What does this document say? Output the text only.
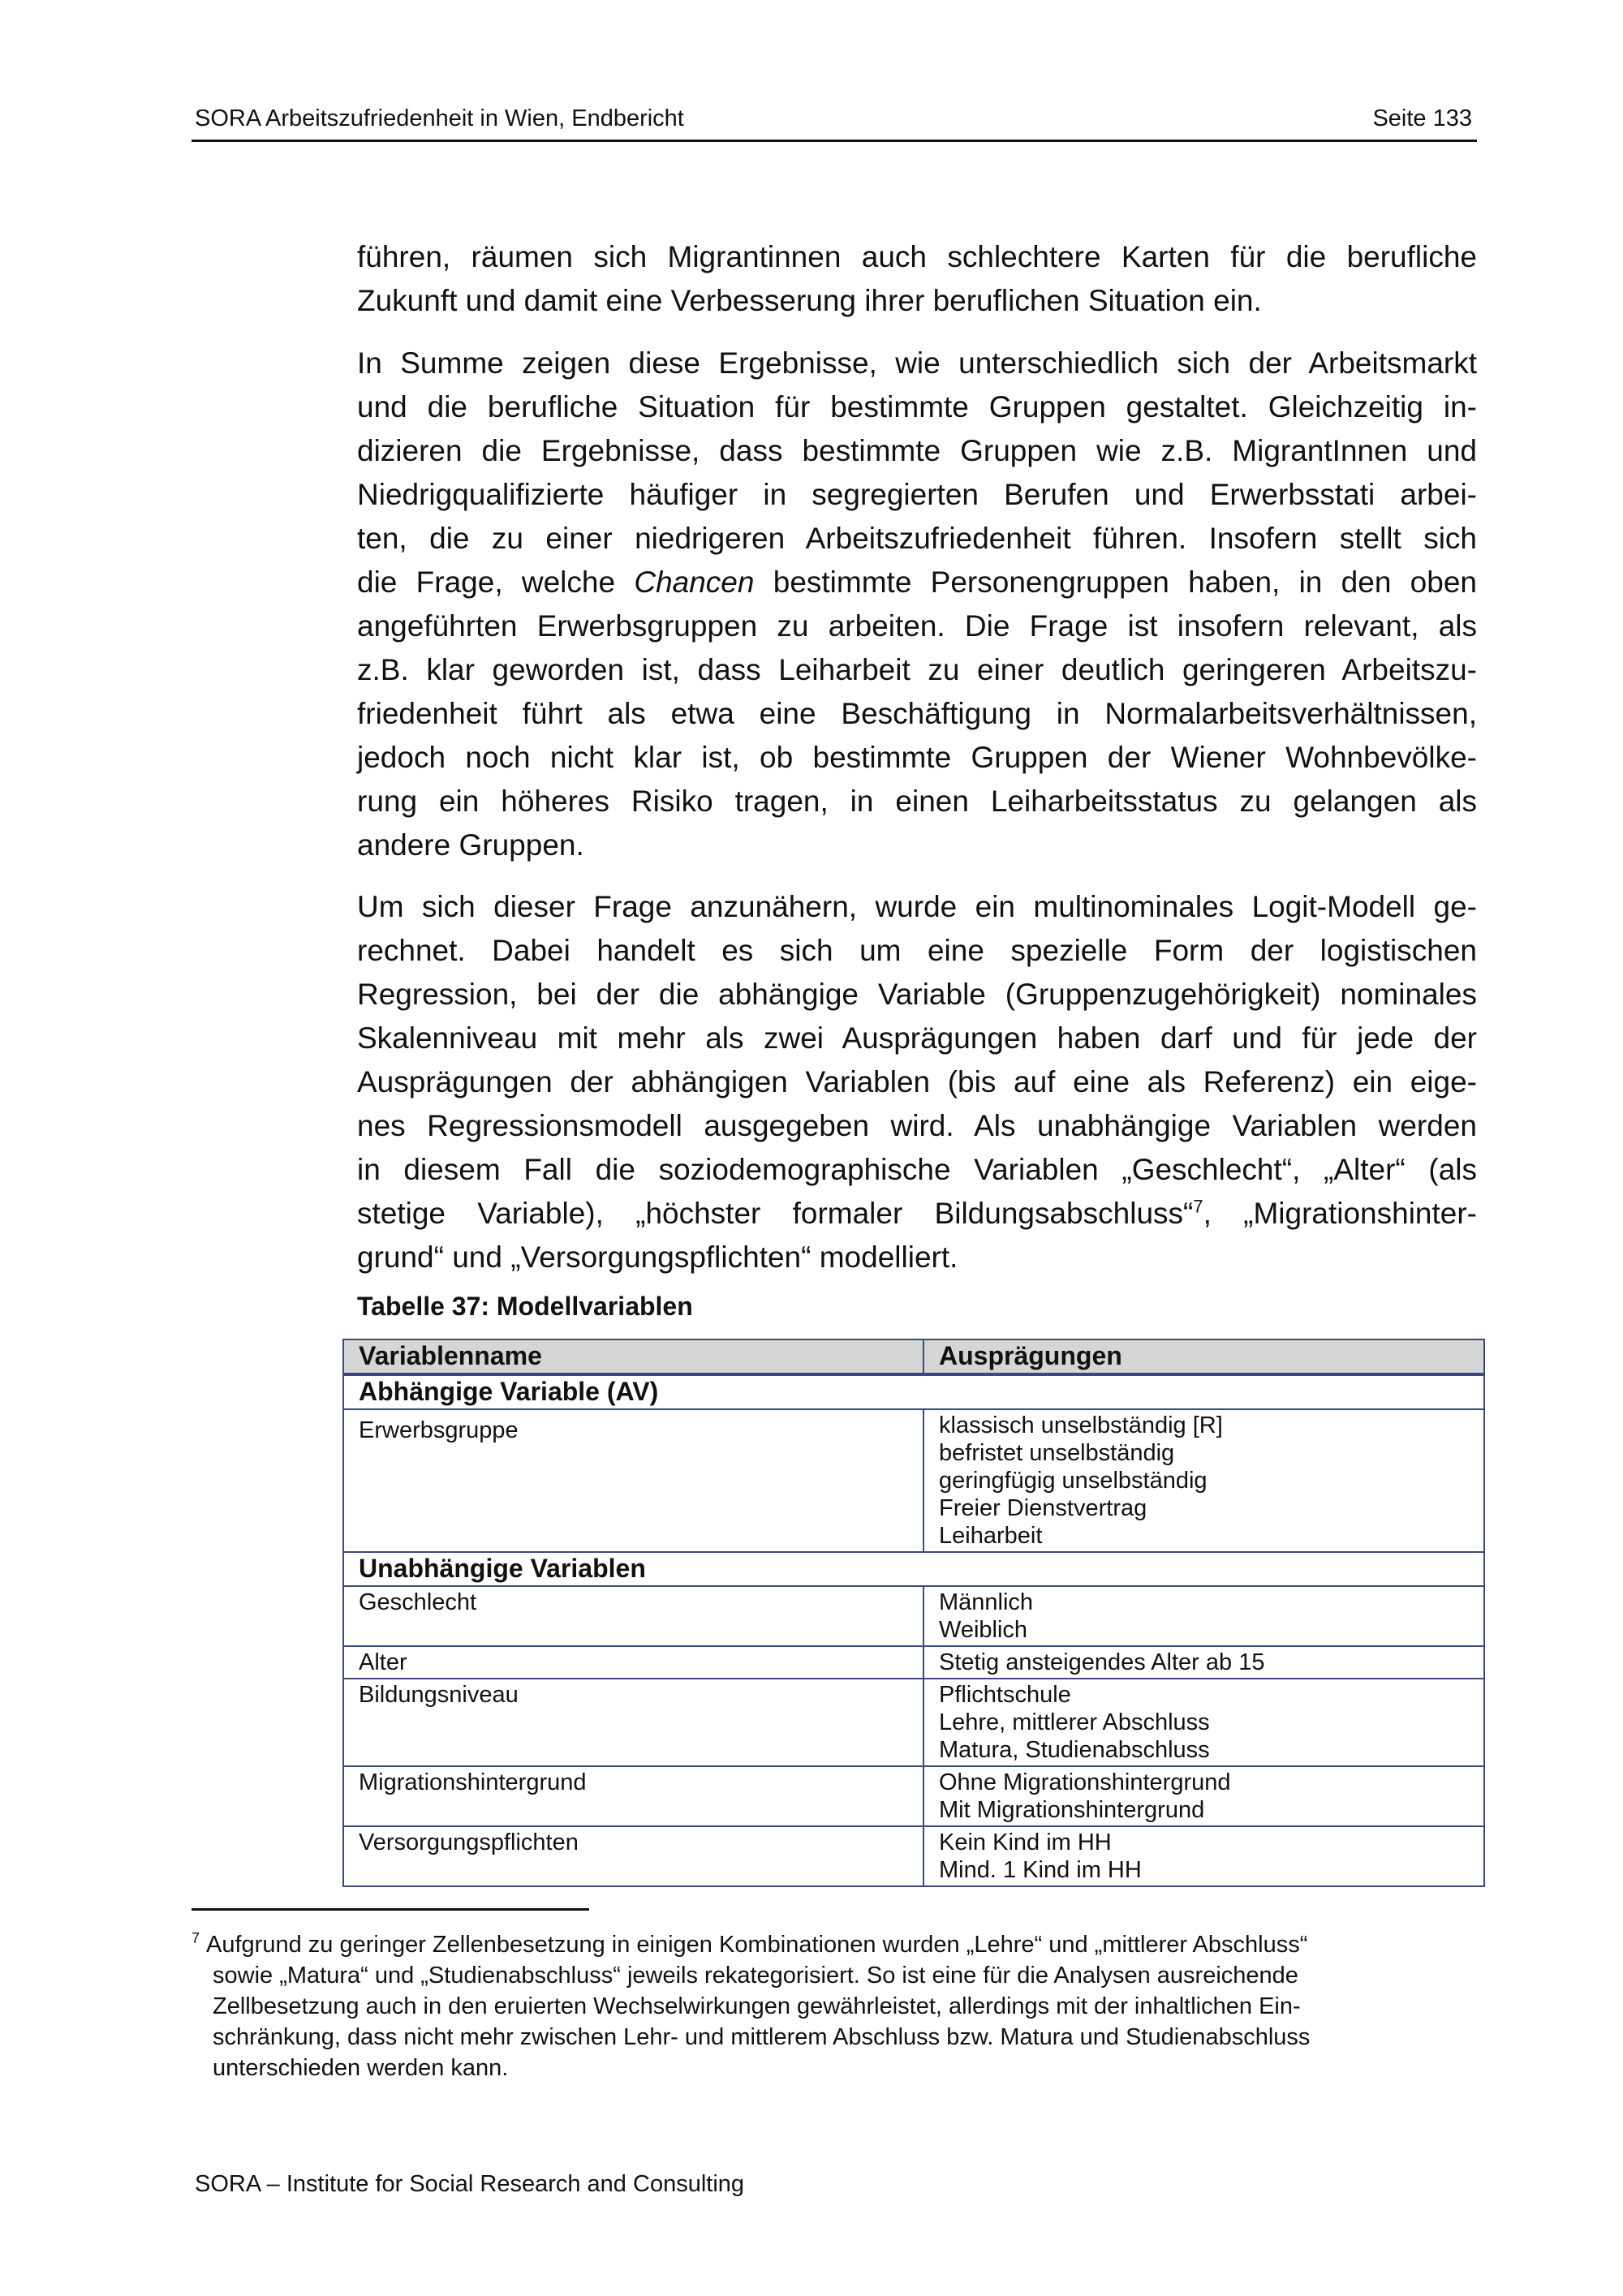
SORA Arbeitszufriedenheit in Wien, Endbericht	Seite 133
führen, räumen sich Migrantinnen auch schlechtere Karten für die berufliche
Zukunft und damit eine Verbesserung ihrer beruflichen Situation ein.
In Summe zeigen diese Ergebnisse, wie unterschiedlich sich der Arbeitsmarkt
und die berufliche Situation für bestimmte Gruppen gestaltet. Gleichzeitig in-
dizieren die Ergebnisse, dass bestimmte Gruppen wie z.B. MigrantInnen und
Niedrigqualifizierte häufiger in segregierten Berufen und Erwerbsstati arbei-
ten, die zu einer niedrigeren Arbeitszufriedenheit führen. Insofern stellt sich
die Frage, welche Chancen bestimmte Personengruppen haben, in den oben
angeführten Erwerbsgruppen zu arbeiten. Die Frage ist insofern relevant, als
z.B. klar geworden ist, dass Leiharbeit zu einer deutlich geringeren Arbeitszu-
friedenheit führt als etwa eine Beschäftigung in Normalarbeitsverhältnissen,
jedoch noch nicht klar ist, ob bestimmte Gruppen der Wiener Wohnbevölke-
rung ein höheres Risiko tragen, in einen Leiharbeitsstatus zu gelangen als
andere Gruppen.
Um sich dieser Frage anzunähern, wurde ein multinominales Logit-Modell ge-
rechnet. Dabei handelt es sich um eine spezielle Form der logistischen
Regression, bei der die abhängige Variable (Gruppenzugehörigkeit) nominales
Skalenniveau mit mehr als zwei Ausprägungen haben darf und für jede der
Ausprägungen der abhängigen Variablen (bis auf eine als Referenz) ein eige-
nes Regressionsmodell ausgegeben wird. Als unabhängige Variablen werden
in diesem Fall die soziodemographische Variablen „Geschlecht“, „Alter“ (als
stetige Variable), „höchster formaler Bildungsabschluss“$^7$, „Migrationshinter-
grund“ und „Versorgungspflichten“ modelliert.
Tabelle 37: Modellvariablen
Variablenname	Ausprägungen
Abhängige Variable (AV)	
Erwerbsgruppe	klassisch unselbständig [R]
befristet unselbständig
geringfügig unselbständig
Freier Dienstvertrag
Leiharbeit

Unabhängige Variablen	
Geschlecht	Männlich
Weiblich

Alter	Stetig ansteigendes Alter ab 15

Bildungsniveau	Pflichtschule
Lehre, mittlerer Abschluss
Matura, Studienabschluss

Migrationshintergrund	Ohne Migrationshintergrund
Mit Migrationshintergrund

Versorgungspflichten	Kein Kind im HH
Mind. 1 Kind im HH
$^7$ Aufgrund zu geringer Zellenbesetzung in einigen Kombinationen wurden „Lehre“ und „mittlerer Abschluss“
sowie „Matura“ und „Studienabschluss“ jeweils rekategorisiert. So ist eine für die Analysen ausreichende
Zellbesetzung auch in den eruierten Wechselwirkungen gewährleistet, allerdings mit der inhaltlichen Ein-
schränkung, dass nicht mehr zwischen Lehr- und mittlerem Abschluss bzw. Matura und Studienabschluss
unterschieden werden kann.
SORA – Institute for Social Research and Consulting
